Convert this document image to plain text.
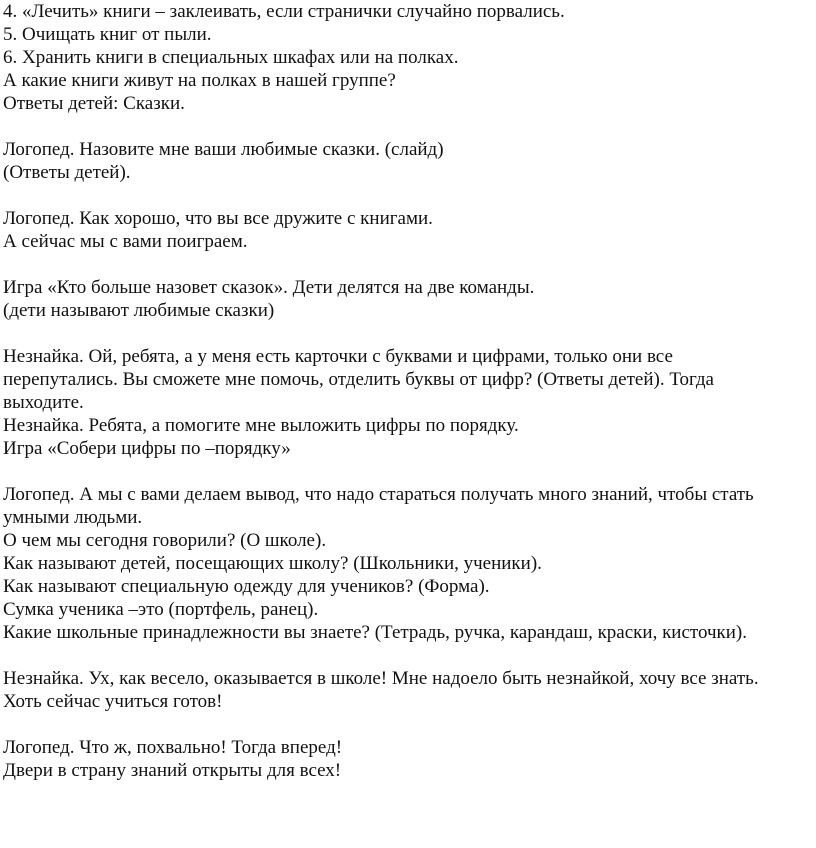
4. «Лечить» книги – заклеивать, если странички случайно порвались.
5. Очищать книг от пыли.
6. Хранить книги в специальных шкафах или на полках.
А какие книги живут на полках в нашей группе?
Ответы детей: Сказки.
Логопед. Назовите мне ваши любимые сказки. (слайд)
(Ответы детей).
Логопед. Как хорошо, что вы все дружите с книгами.
А сейчас мы с вами поиграем.
Игра «Кто больше назовет сказок». Дети делятся на две команды.
(дети называют любимые сказки)
Незнайка. Ой, ребята, а у меня есть карточки с буквами и цифрами, только они все
перепутались. Вы сможете мне помочь, отделить буквы от цифр? (Ответы детей). Тогда
выходите.
Незнайка. Ребята, а помогите мне выложить цифры по порядку.
Игра «Собери цифры по –порядку»
Логопед. А мы с вами делаем вывод, что надо стараться получать много знаний, чтобы стать
умными людьми.
О чем мы сегодня говорили? (О школе).
Как называют детей, посещающих школу? (Школьники, ученики).
Как называют специальную одежду для учеников? (Форма).
Сумка ученика –это (портфель, ранец).
Какие школьные принадлежности вы знаете? (Тетрадь, ручка, карандаш, краски, кисточки).
Незнайка. Ух, как весело, оказывается в школе! Мне надоело быть незнайкой, хочу все знать.
Хоть сейчас учиться готов!
Логопед. Что ж, похвально! Тогда вперед!
Двери в страну знаний открыты для всех!
